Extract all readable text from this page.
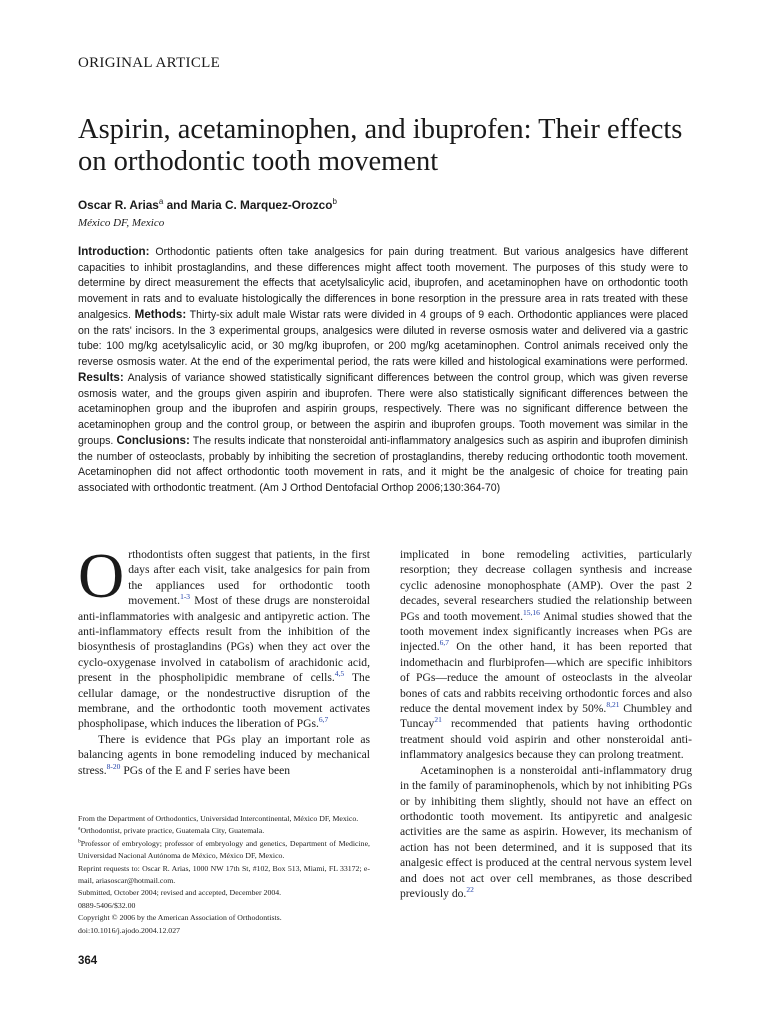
ORIGINAL ARTICLE
Aspirin, acetaminophen, and ibuprofen: Their effects on orthodontic tooth movement
Oscar R. Arias$^a$ and Maria C. Marquez-Orozco$^b$
México DF, Mexico

Introduction: Orthodontic patients often take analgesics for pain during treatment. But various analgesics have different capacities to inhibit prostaglandins, and these differences might affect tooth movement. The purposes of this study were to determine by direct measurement the effects that acetylsalicylic acid, ibuprofen, and acetaminophen have on orthodontic tooth movement in rats and to evaluate histologically the differences in bone resorption in the pressure area in rats treated with these analgesics. Methods: Thirty-six adult male Wistar rats were divided in 4 groups of 9 each. Orthodontic appliances were placed on the rats' incisors. In the 3 experimental groups, analgesics were diluted in reverse osmosis water and delivered via a gastric tube: 100 mg/kg acetylsalicylic acid, or 30 mg/kg ibuprofen, or 200 mg/kg acetaminophen. Control animals received only the reverse osmosis water. At the end of the experimental period, the rats were killed and histological examinations were performed. Results: Analysis of variance showed statistically significant differences between the control group, which was given reverse osmosis water, and the groups given aspirin and ibuprofen. There were also statistically significant differences between the acetaminophen group and the ibuprofen and aspirin groups, respectively. There was no significant difference between the acetaminophen group and the control group, or between the aspirin and ibuprofen groups. Tooth movement was similar in the groups. Conclusions: The results indicate that nonsteroidal anti-inflammatory analgesics such as aspirin and ibuprofen diminish the number of osteoclasts, probably by inhibiting the secretion of prostaglandins, thereby reducing orthodontic tooth movement. Acetaminophen did not affect orthodontic tooth movement in rats, and it might be the analgesic of choice for treating pain associated with orthodontic treatment. (Am J Orthod Dentofacial Orthop 2006;130:364-70)

Orthodontists often suggest that patients, in the first days after each visit, take analgesics for pain from the appliances used for orthodontic tooth movement.$^{1-3}$ Most of these drugs are nonsteroidal anti-inflammatories with analgesic and antipyretic action. The anti-inflammatory effects result from the inhibition of the biosynthesis of prostaglandins (PGs) when they act over the cyclo-oxygenase involved in catabolism of arachidonic acid, present in the phospholipidic membrane of cells.$^{4,5}$ The cellular damage, or the nondestructive disruption of the membrane, and the orthodontic tooth movement activates phospholipase, which induces the liberation of PGs.$^{6,7}$

There is evidence that PGs play an important role as balancing agents in bone remodeling induced by mechanical stress.$^{8-20}$ PGs of the E and F series have been

implicated in bone remodeling activities, particularly resorption; they decrease collagen synthesis and increase cyclic adenosine monophosphate (AMP). Over the past 2 decades, several researchers studied the relationship between PGs and tooth movement.$^{15,16}$ Animal studies showed that the tooth movement index significantly increases when PGs are injected.$^{6,7}$ On the other hand, it has been reported that indomethacin and flurbiprofen—which are specific inhibitors of PGs—reduce the amount of osteoclasts in the alveolar bones of cats and rabbits receiving orthodontic forces and also reduce the dental movement index by 50%.$^{8,21}$ Chumbley and Tuncay$^{21}$ recommended that patients having orthodontic treatment should void aspirin and other nonsteroidal anti-inflammatory analgesics because they can prolong treatment.

Acetaminophen is a nonsteroidal anti-inflammatory drug in the family of paraminophenols, which by not inhibiting PGs or by inhibiting them slightly, should not have an effect on orthodontic tooth movement. Its antipyretic and analgesic activities are the same as aspirin. However, its mechanism of action has not been determined, and it is supposed that its analgesic effect is produced at the central nervous system level and does not act over cell membranes, as those described previously do.$^{22}$

From the Department of Orthodontics, Universidad Intercontinental, México DF, Mexico.

$^a$Orthodontist, private practice, Guatemala City, Guatemala.

$^b$Professor of embryology; professor of embryology and genetics, Department of Medicine, Universidad Nacional Autónoma de México, México DF, Mexico.

Reprint requests to: Oscar R. Arias, 1000 NW 17th St, #102, Box 513, Miami, FL 33172; e-mail, ariasoscar@hotmail.com.

Submitted, October 2004; revised and accepted, December 2004.

0889-5406/$32.00

Copyright © 2006 by the American Association of Orthodontists.

doi:10.1016/j.ajodo.2004.12.027

364
